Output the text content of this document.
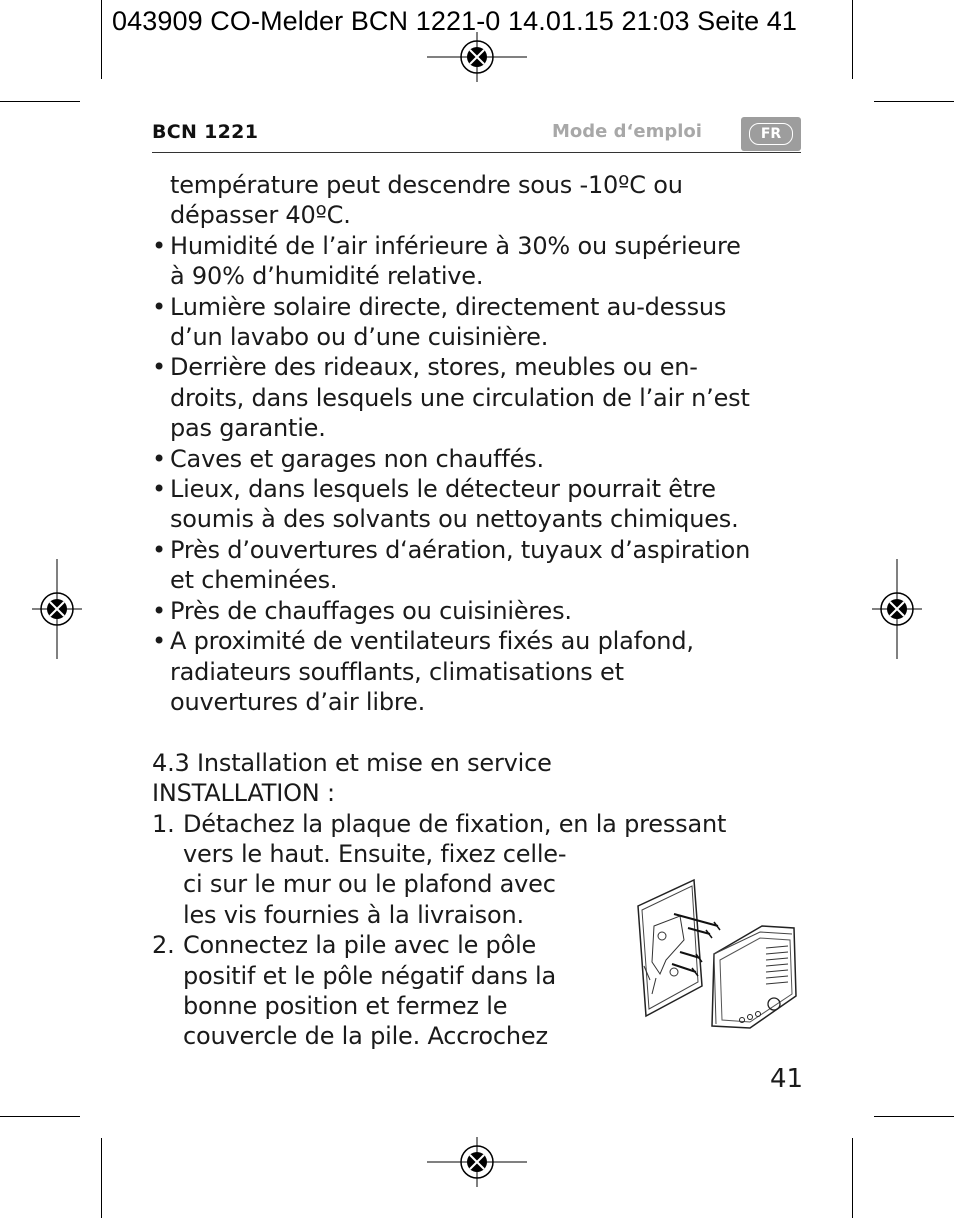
043909 CO-Melder BCN 1221-0 14.01.15 21:03 Seite 41
BCN 1221	Mode d‘emploi	FR
température peut descendre sous -10ºC ou
dépasser 40ºC.
• Humidité de l’air inférieure à 30% ou supérieure
à 90% d’humidité relative.
• Lumière solaire directe, directement au-dessus
d’un lavabo ou d’une cuisinière.
• Derrière des rideaux, stores, meubles ou en-
droits, dans lesquels une circulation de l’air n’est
pas garantie.
• Caves et garages non chauffés.
• Lieux, dans lesquels le détecteur pourrait être
soumis à des solvants ou nettoyants chimiques.
• Près d’ouvertures d‘aération, tuyaux d’aspiration
et cheminées.
• Près de chauffages ou cuisinières.
• A proximité de ventilateurs fixés au plafond,
radiateurs soufflants, climatisations et
ouvertures d’air libre.
4.3 Installation et mise en service
INSTALLATION :
1. Détachez la plaque de fixation, en la pressant
vers le haut. Ensuite, fixez celle-
ci sur le mur ou le plafond avec
les vis fournies à la livraison.
2. Connectez la pile avec le pôle
positif et le pôle négatif dans la
bonne position et fermez le
couvercle de la pile. Accrochez
41
